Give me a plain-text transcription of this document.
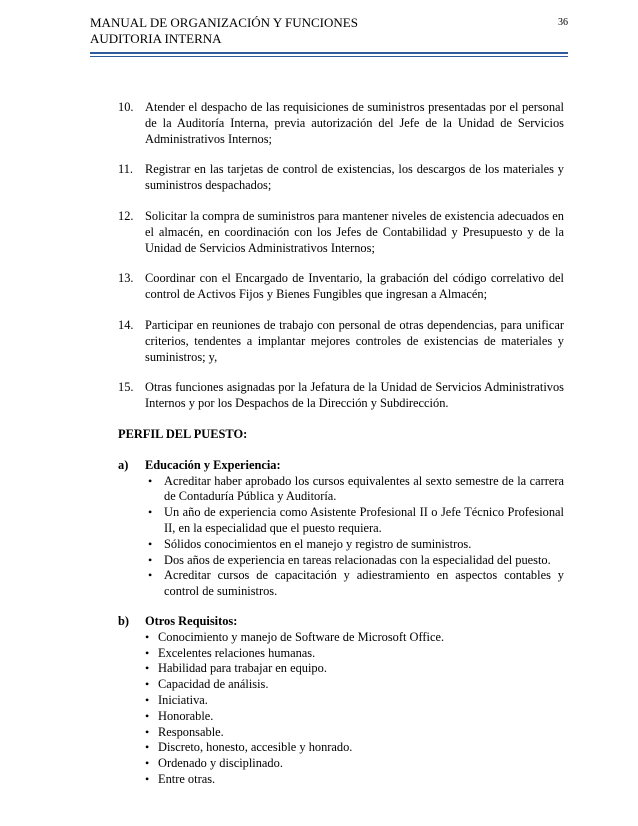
MANUAL DE ORGANIZACIÓN Y FUNCIONES
AUDITORIA INTERNA
36
10. Atender el despacho de las requisiciones de suministros presentadas por el personal de la Auditoría Interna, previa autorización del Jefe de la Unidad de Servicios Administrativos Internos;
11. Registrar en las tarjetas de control de existencias, los descargos de los materiales y suministros despachados;
12. Solicitar la compra de suministros para mantener niveles de existencia adecuados en el almacén, en coordinación con los Jefes de Contabilidad y Presupuesto y de la Unidad de Servicios Administrativos Internos;
13. Coordinar con el Encargado de Inventario, la grabación del código correlativo del control de Activos Fijos y Bienes Fungibles que ingresan a Almacén;
14. Participar en reuniones de trabajo con personal de otras dependencias, para unificar criterios, tendentes a implantar mejores controles de existencias de materiales y suministros; y,
15. Otras funciones asignadas por la Jefatura de la Unidad de Servicios Administrativos Internos y por los Despachos de la Dirección y Subdirección.
PERFIL DEL PUESTO:
a) Educación y Experiencia:
• Acreditar haber aprobado los cursos equivalentes al sexto semestre de la carrera de Contaduría Pública y Auditoría.
• Un año de experiencia como Asistente Profesional II o Jefe Técnico Profesional II, en la especialidad que el puesto requiera.
• Sólidos conocimientos en el manejo y registro de suministros.
• Dos años de experiencia en tareas relacionadas con la especialidad del puesto.
• Acreditar cursos de capacitación y adiestramiento en aspectos contables y control de suministros.
b) Otros Requisitos:
• Conocimiento y manejo de Software de Microsoft Office.
• Excelentes relaciones humanas.
• Habilidad para trabajar en equipo.
• Capacidad de análisis.
• Iniciativa.
• Honorable.
• Responsable.
• Discreto, honesto, accesible y honrado.
• Ordenado y disciplinado.
• Entre otras.
